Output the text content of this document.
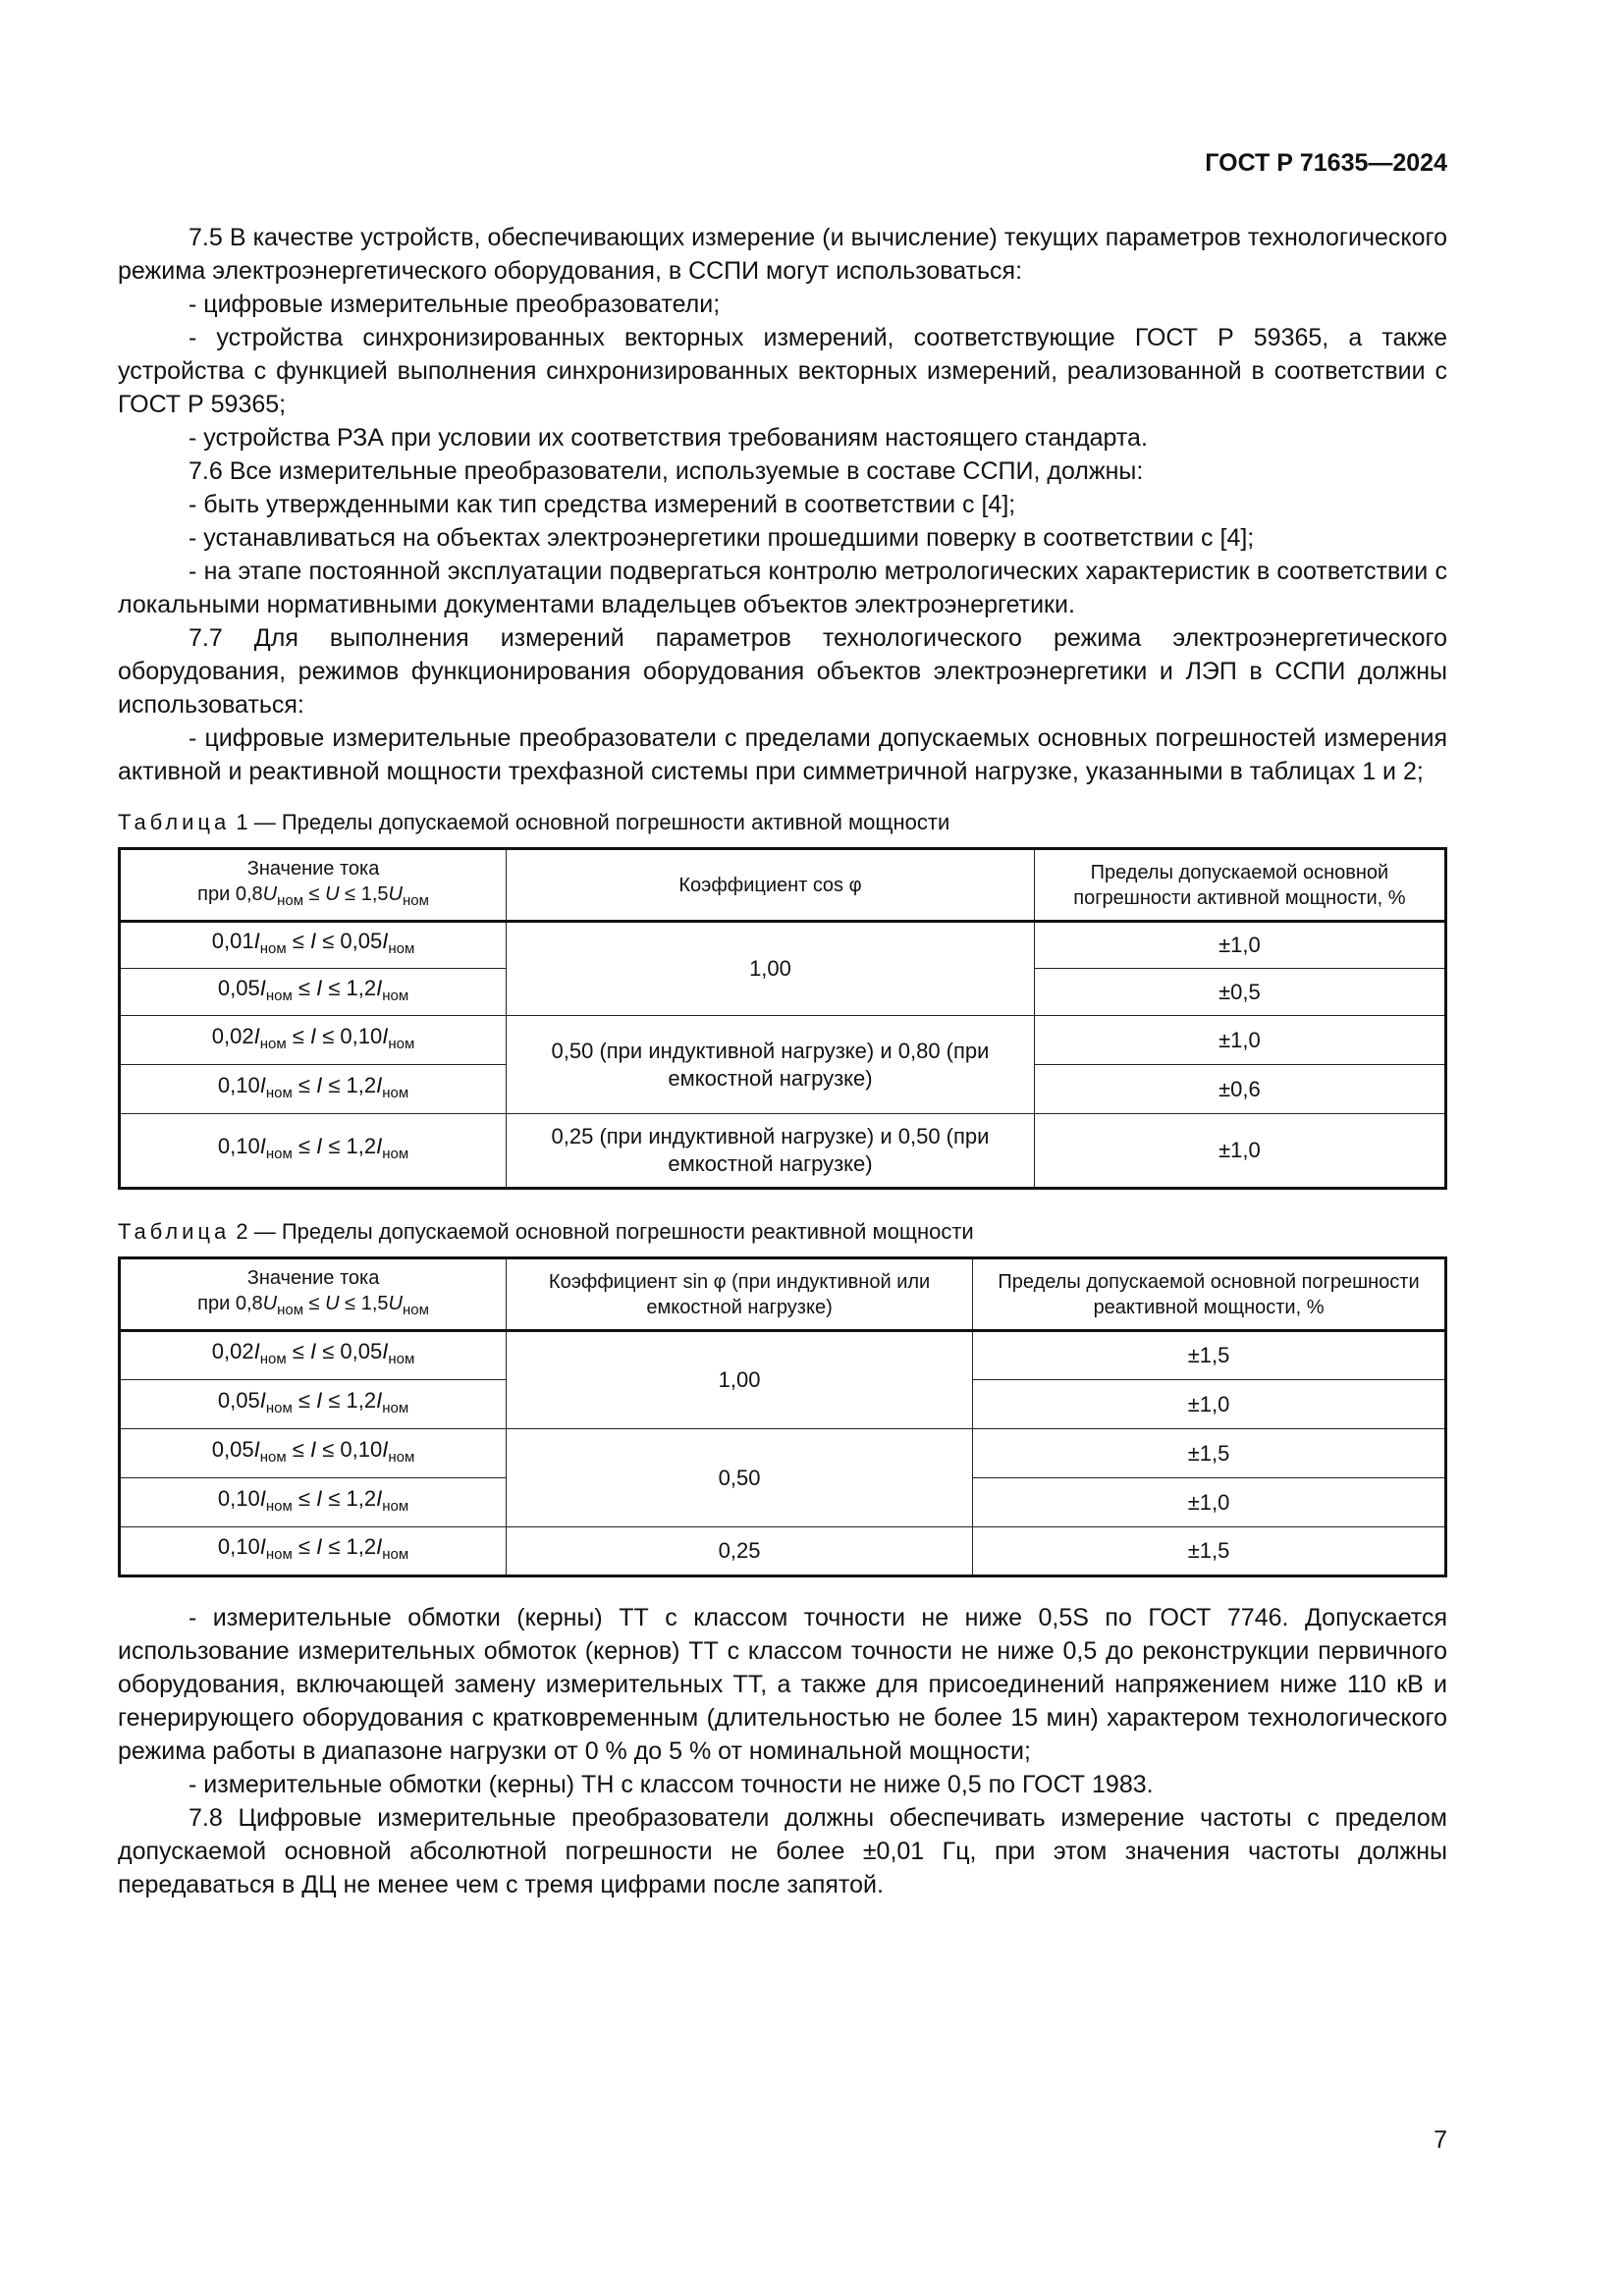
ГОСТ Р 71635—2024

7.5 В качестве устройств, обеспечивающих измерение (и вычисление) текущих параметров технологического режима электроэнергетического оборудования, в ССПИ могут использоваться:

- цифровые измерительные преобразователи;

- устройства синхронизированных векторных измерений, соответствующие ГОСТ Р 59365, а также устройства с функцией выполнения синхронизированных векторных измерений, реализованной в соответствии с ГОСТ Р 59365;

- устройства РЗА при условии их соответствия требованиям настоящего стандарта.

7.6 Все измерительные преобразователи, используемые в составе ССПИ, должны:

- быть утвержденными как тип средства измерений в соответствии с [4];

- устанавливаться на объектах электроэнергетики прошедшими поверку в соответствии с [4];

- на этапе постоянной эксплуатации подвергаться контролю метрологических характеристик в соответствии с локальными нормативными документами владельцев объектов электроэнергетики.

7.7 Для выполнения измерений параметров технологического режима электроэнергетического оборудования, режимов функционирования оборудования объектов электроэнергетики и ЛЭП в ССПИ должны использоваться:

- цифровые измерительные преобразователи с пределами допускаемых основных погрешностей измерения активной и реактивной мощности трехфазной системы при симметричной нагрузке, указанными в таблицах 1 и 2;

Таблица 1 — Пределы допускаемой основной погрешности активной мощности
Значение тока
при $0,8U_{ном} \le U \le 1,5U_{ном}$	Коэффициент cos φ	Пределы допускаемой основной погрешности активной мощности, %
$0,01I_{ном} \le I \le 0,05I_{ном}$	1,00	±1,0
$0,05I_{ном} \le I \le 1,2I_{ном}$		±0,5
$0,02I_{ном} \le I \le 0,10I_{ном}$	0,50 (при индуктивной нагрузке) и 0,80 (при емкостной нагрузке)	±1,0
$0,10I_{ном} \le I \le 1,2I_{ном}$		±0,6
$0,10I_{ном} \le I \le 1,2I_{ном}$	0,25 (при индуктивной нагрузке) и 0,50 (при емкостной нагрузке)	±1,0
Таблица 2 — Пределы допускаемой основной погрешности реактивной мощности
Значение тока
при $0,8U_{ном} \le U \le 1,5U_{ном}$	Коэффициент sin φ (при индуктивной или емкостной нагрузке)	Пределы допускаемой основной погрешности реактивной мощности, %
$0,02I_{ном} \le I \le 0,05I_{ном}$	1,00	±1,5
$0,05I_{ном} \le I \le 1,2I_{ном}$		±1,0
$0,05I_{ном} \le I \le 0,10I_{ном}$	0,50	±1,5
$0,10I_{ном} \le I \le 1,2I_{ном}$		±1,0
$0,10I_{ном} \le I \le 1,2I_{ном}$	0,25	±1,5

- измерительные обмотки (керны) ТТ с классом точности не ниже 0,5S по ГОСТ 7746. Допускается использование измерительных обмоток (кернов) ТТ с классом точности не ниже 0,5 до реконструкции первичного оборудования, включающей замену измерительных ТТ, а также для присоединений напряжением ниже 110 кВ и генерирующего оборудования с кратковременным (длительностью не более 15 мин) характером технологического режима работы в диапазоне нагрузки от 0 % до 5 % от номинальной мощности;

- измерительные обмотки (керны) ТН с классом точности не ниже 0,5 по ГОСТ 1983.

7.8 Цифровые измерительные преобразователи должны обеспечивать измерение частоты с пределом допускаемой основной абсолютной погрешности не более ±0,01 Гц, при этом значения частоты должны передаваться в ДЦ не менее чем с тремя цифрами после запятой.

7
